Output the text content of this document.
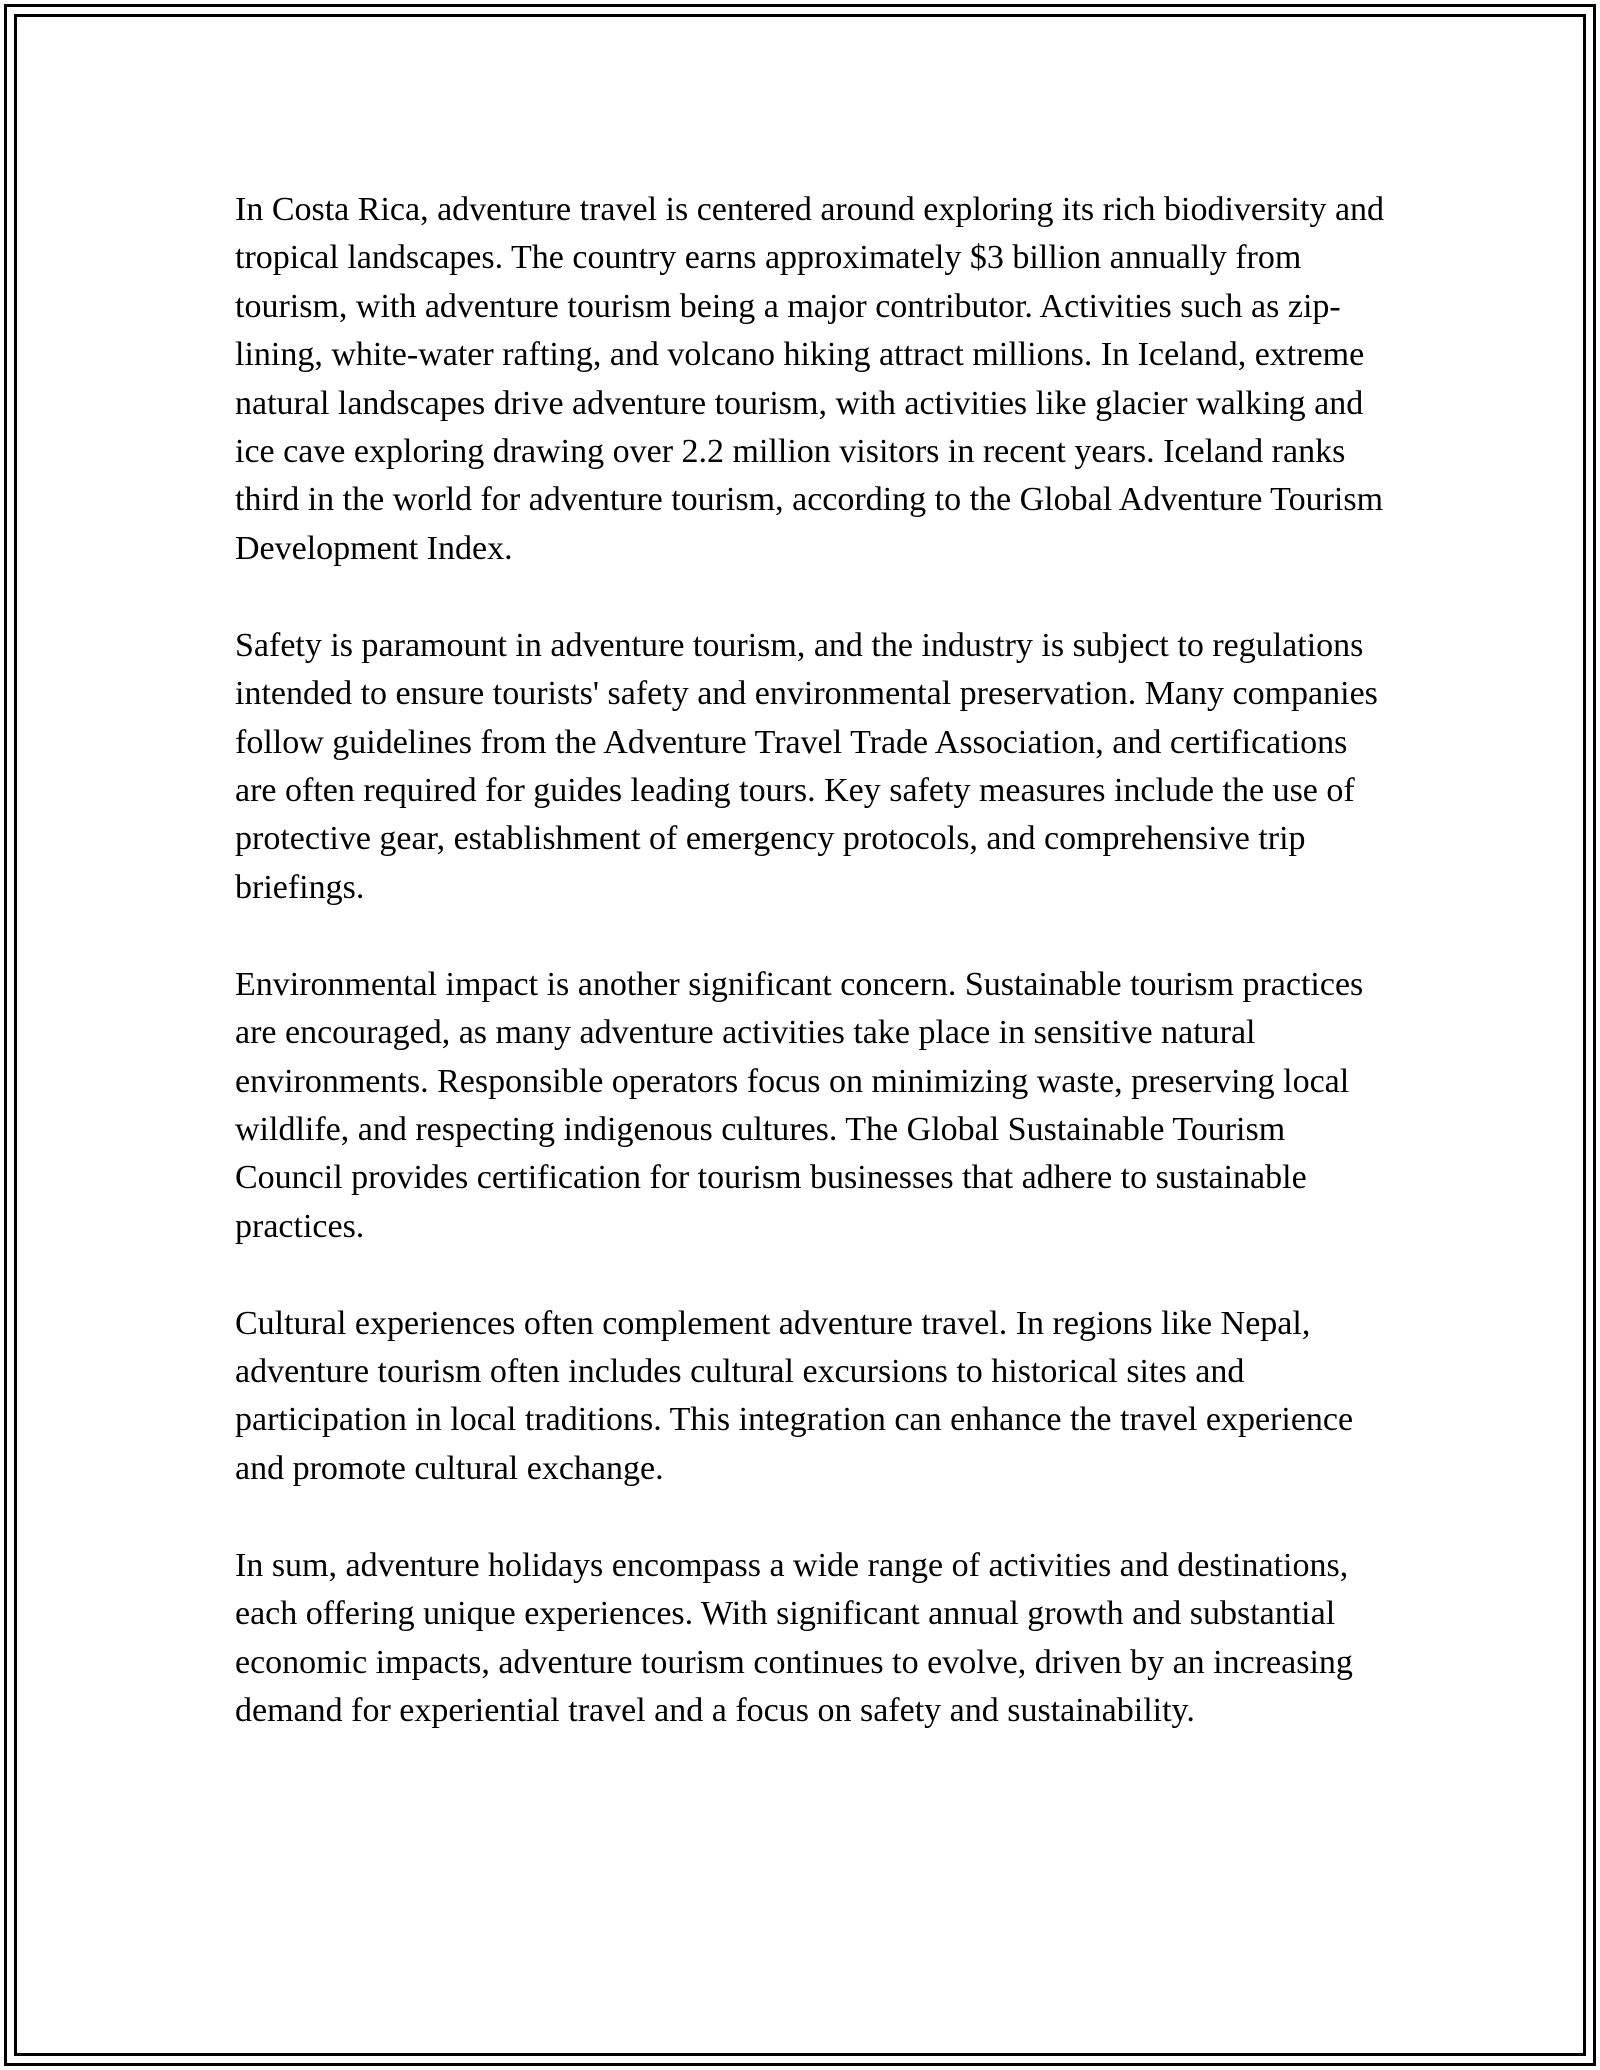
In Costa Rica, adventure travel is centered around exploring its rich biodiversity and tropical landscapes. The country earns approximately $3 billion annually from tourism, with adventure tourism being a major contributor. Activities such as zip-lining, white-water rafting, and volcano hiking attract millions. In Iceland, extreme natural landscapes drive adventure tourism, with activities like glacier walking and ice cave exploring drawing over 2.2 million visitors in recent years. Iceland ranks third in the world for adventure tourism, according to the Global Adventure Tourism Development Index.

Safety is paramount in adventure tourism, and the industry is subject to regulations intended to ensure tourists' safety and environmental preservation. Many companies follow guidelines from the Adventure Travel Trade Association, and certifications are often required for guides leading tours. Key safety measures include the use of protective gear, establishment of emergency protocols, and comprehensive trip briefings.

Environmental impact is another significant concern. Sustainable tourism practices are encouraged, as many adventure activities take place in sensitive natural environments. Responsible operators focus on minimizing waste, preserving local wildlife, and respecting indigenous cultures. The Global Sustainable Tourism Council provides certification for tourism businesses that adhere to sustainable practices.

Cultural experiences often complement adventure travel. In regions like Nepal, adventure tourism often includes cultural excursions to historical sites and participation in local traditions. This integration can enhance the travel experience and promote cultural exchange.

In sum, adventure holidays encompass a wide range of activities and destinations, each offering unique experiences. With significant annual growth and substantial economic impacts, adventure tourism continues to evolve, driven by an increasing demand for experiential travel and a focus on safety and sustainability.
